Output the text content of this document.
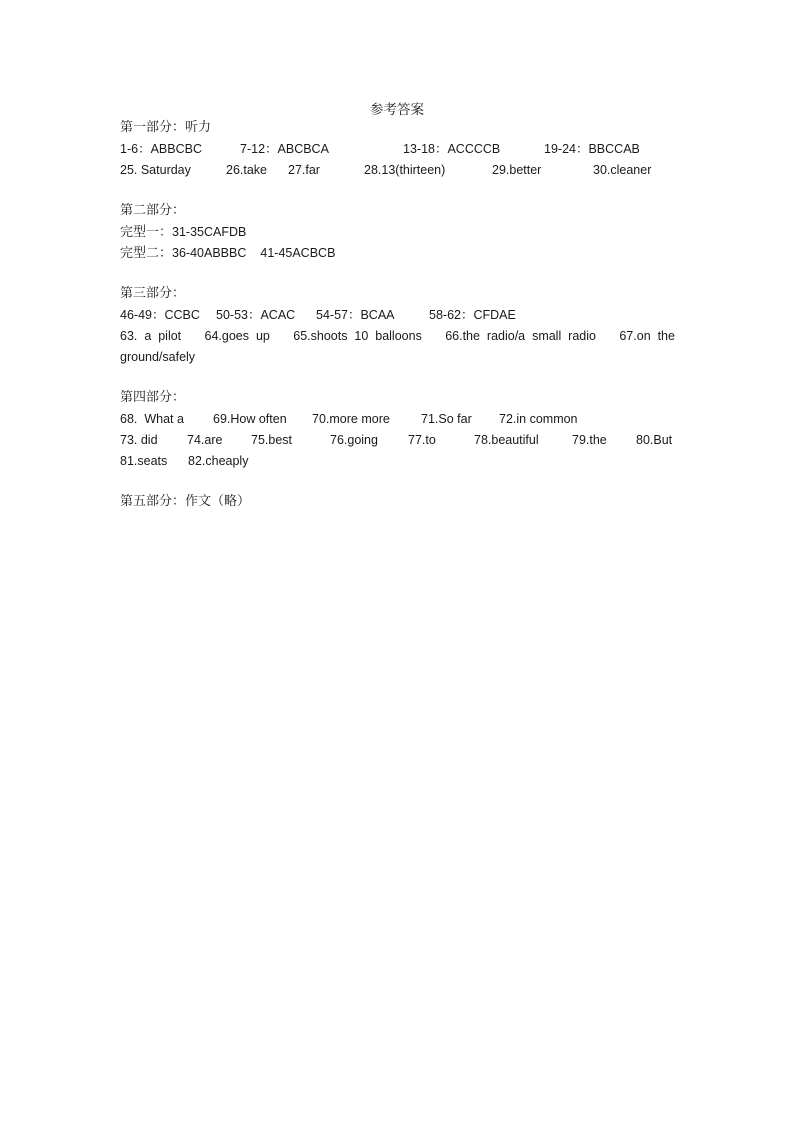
参考答案
第一部分：听力
1-6：ABBCBC	7-12：ABCBCA	13-18：ACCCCB	19-24：BBCCAB
25. Saturday	26.take 27.far	28.13(thirteen)	29.better	30.cleaner
第二部分：
完型一：31-35CAFDB
完型二：36-40ABBBC 41-45ACBCB
第三部分：
46-49：CCBC 50-53：ACAC 54-57：BCAA	58-62：CFDAE
63.  a  pilot 64.goes  up 65.shoots  10  balloons 66.the  radio/a  small  radio 67.on  the
ground/safely
第四部分：
68.  What a 69.How often 70.more more 71.So far 72.in common
73. did 74.are 75.best	76.going 77.to	78.beautiful	79.the 80.But
81.seats 82.cheaply
第五部分：作文（略）
